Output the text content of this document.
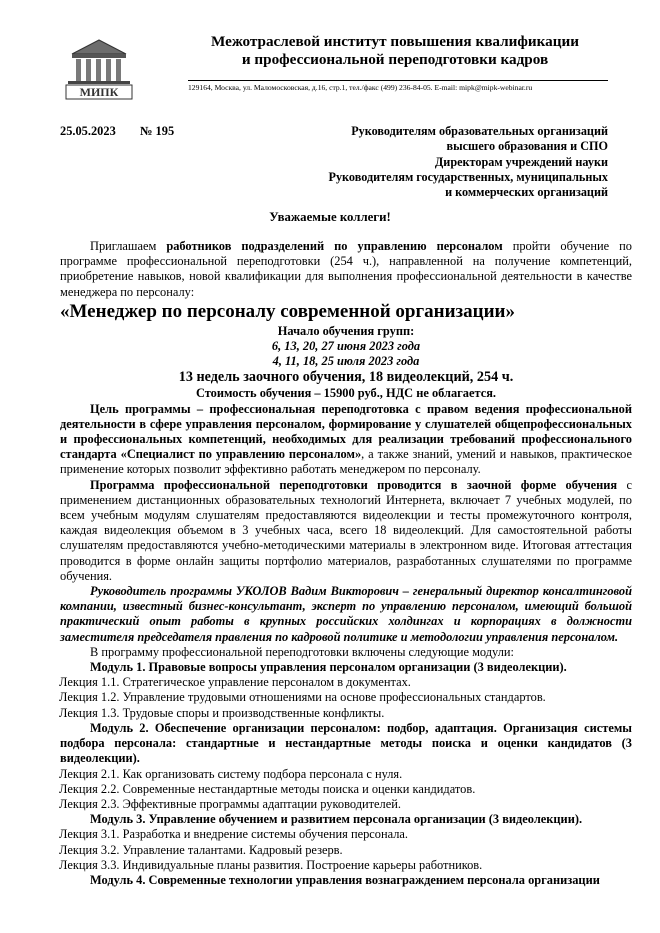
МИПК
Межотраслевой институт повышения квалификации
и профессиональной переподготовки кадров
129164, Москва, ул. Маломосковская, д.16, стр.1, тел./факс (499) 236-84-05. E-mail: mipk@mipk-webinar.ru
25.05.2023 № 195	Руководителям образовательных организаций
высшего образования и СПО
Директорам учреждений науки
Руководителям государственных, муниципальных
и коммерческих организаций
Уважаемые коллеги!

Приглашаем работников подразделений по управлению персоналом пройти обучение по программе профессиональной переподготовки (254 ч.), направленной на получение компетенций, приобретение навыков, новой квалификации для выполнения профессиональной деятельности в качестве менеджера по персоналу:

«Менеджер по персоналу современной организации»

Начало обучения групп:

6, 13, 20, 27 июня 2023 года

4, 11, 18, 25 июля 2023 года

13 недель заочного обучения, 18 видеолекций, 254 ч.

Стоимость обучения – 15900 руб., НДС не облагается.

Цель программы – профессиональная переподготовка с правом ведения профессиональной деятельности в сфере управления персоналом, формирование у слушателей общепрофессиональных и профессиональных компетенций, необходимых для реализации требований профессионального стандарта «Специалист по управлению персоналом», а также знаний, умений и навыков, практическое применение которых позволит эффективно работать менеджером по персоналу.

Программа профессиональной переподготовки проводится в заочной форме обучения с применением дистанционных образовательных технологий Интернета, включает 7 учебных модулей, по всем учебным модулям слушателям предоставляются видеолекции и тесты промежуточного контроля, каждая видеолекция объемом в 3 учебных часа, всего 18 видеолекций. Для самостоятельной работы слушателям предоставляются учебно-методическими материалы в электронном виде. Итоговая аттестация проводится в форме онлайн защиты портфолио материалов, разработанных слушателями по программе обучения.

Руководитель программы УКОЛОВ Вадим Викторович – генеральный директор консалтинговой компании, известный бизнес-консультант, эксперт по управлению персоналом, имеющий большой практический опыт работы в крупных российских холдингах и корпорациях в должности заместителя председателя правления по кадровой политике и методологии управления персоналом.

В программу профессиональной переподготовки включены следующие модули:

Модуль 1. Правовые вопросы управления персоналом организации (3 видеолекции).

Лекция 1.1. Стратегическое управление персоналом в документах.

Лекция 1.2. Управление трудовыми отношениями на основе профессиональных стандартов.

Лекция 1.3. Трудовые споры и производственные конфликты.

Модуль 2. Обеспечение организации персоналом: подбор, адаптация. Организация системы подбора персонала: стандартные и нестандартные методы поиска и оценки кандидатов (3 видеолекции).

Лекция 2.1. Как организовать систему подбора персонала с нуля.

Лекция 2.2. Современные нестандартные методы поиска и оценки кандидатов.

Лекция 2.3. Эффективные программы адаптации руководителей.

Модуль 3. Управление обучением и развитием персонала организации (3 видеолекции).

Лекция 3.1. Разработка и внедрение системы обучения персонала.

Лекция 3.2. Управление талантами. Кадровый резерв.

Лекция 3.3. Индивидуальные планы развития. Построение карьеры работников.

Модуль 4. Современные технологии управления вознаграждением персонала организации
